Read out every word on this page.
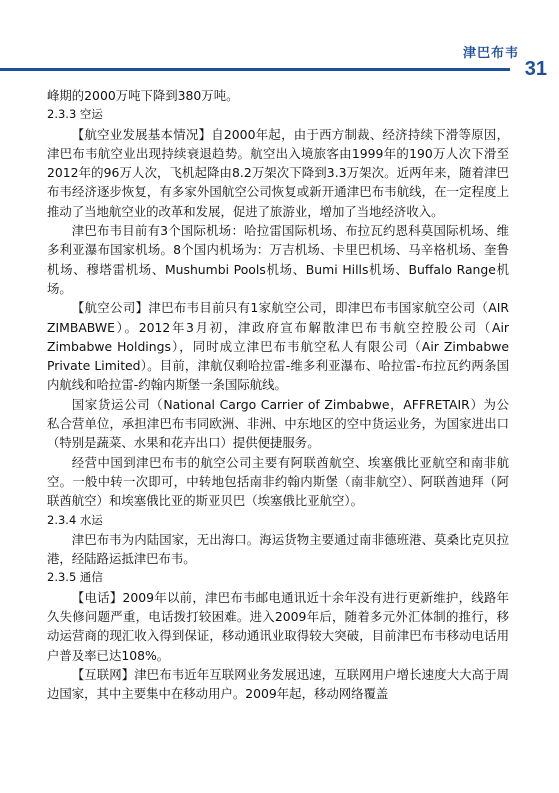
津巴布韦
31

峰期的2000万吨下降到380万吨。

2.3.3 空运

【航空业发展基本情况】自2000年起，由于西方制裁、经济持续下滑等原因，津巴布韦航空业出现持续衰退趋势。航空出入境旅客由1999年的190万人次下滑至2012年的96万人次，飞机起降由8.2万架次下降到3.3万架次。近两年来，随着津巴布韦经济逐步恢复，有多家外国航空公司恢复或新开通津巴布韦航线，在一定程度上推动了当地航空业的改革和发展，促进了旅游业，增加了当地经济收入。

津巴布韦目前有3个国际机场：哈拉雷国际机场、布拉瓦约恩科莫国际机场、维多利亚瀑布国家机场。8个国内机场为：万吉机场、卡里巴机场、马辛格机场、奎鲁机场、穆塔雷机场、Mushumbi Pools机场、Bumi Hills机场、Buffalo Range机场。

【航空公司】津巴布韦目前只有1家航空公司，即津巴布韦国家航空公司（AIR ZIMBABWE）。2012年3月初，津政府宣布解散津巴布韦航空控股公司（Air Zimbabwe Holdings），同时成立津巴布韦航空私人有限公司（Air Zimbabwe Private Limited）。目前，津航仅剩哈拉雷-维多利亚瀑布、哈拉雷-布拉瓦约两条国内航线和哈拉雷-约翰内斯堡一条国际航线。

国家货运公司（National Cargo Carrier of Zimbabwe，AFFRETAIR）为公私合营单位，承担津巴布韦同欧洲、非洲、中东地区的空中货运业务，为国家进出口（特别是蔬菜、水果和花卉出口）提供便捷服务。

经营中国到津巴布韦的航空公司主要有阿联酋航空、埃塞俄比亚航空和南非航空。一般中转一次即可，中转地包括南非约翰内斯堡（南非航空）、阿联酋迪拜（阿联酋航空）和埃塞俄比亚的斯亚贝巴（埃塞俄比亚航空）。

2.3.4 水运

津巴布韦为内陆国家，无出海口。海运货物主要通过南非德班港、莫桑比克贝拉港，经陆路运抵津巴布韦。

2.3.5 通信

【电话】2009年以前，津巴布韦邮电通讯近十余年没有进行更新维护，线路年久失修问题严重，电话拨打较困难。进入2009年后，随着多元外汇体制的推行，移动运营商的现汇收入得到保证，移动通讯业取得较大突破，目前津巴布韦移动电话用户普及率已达108%。

【互联网】津巴布韦近年互联网业务发展迅速，互联网用户增长速度大大高于周边国家，其中主要集中在移动用户。2009年起，移动网络覆盖
